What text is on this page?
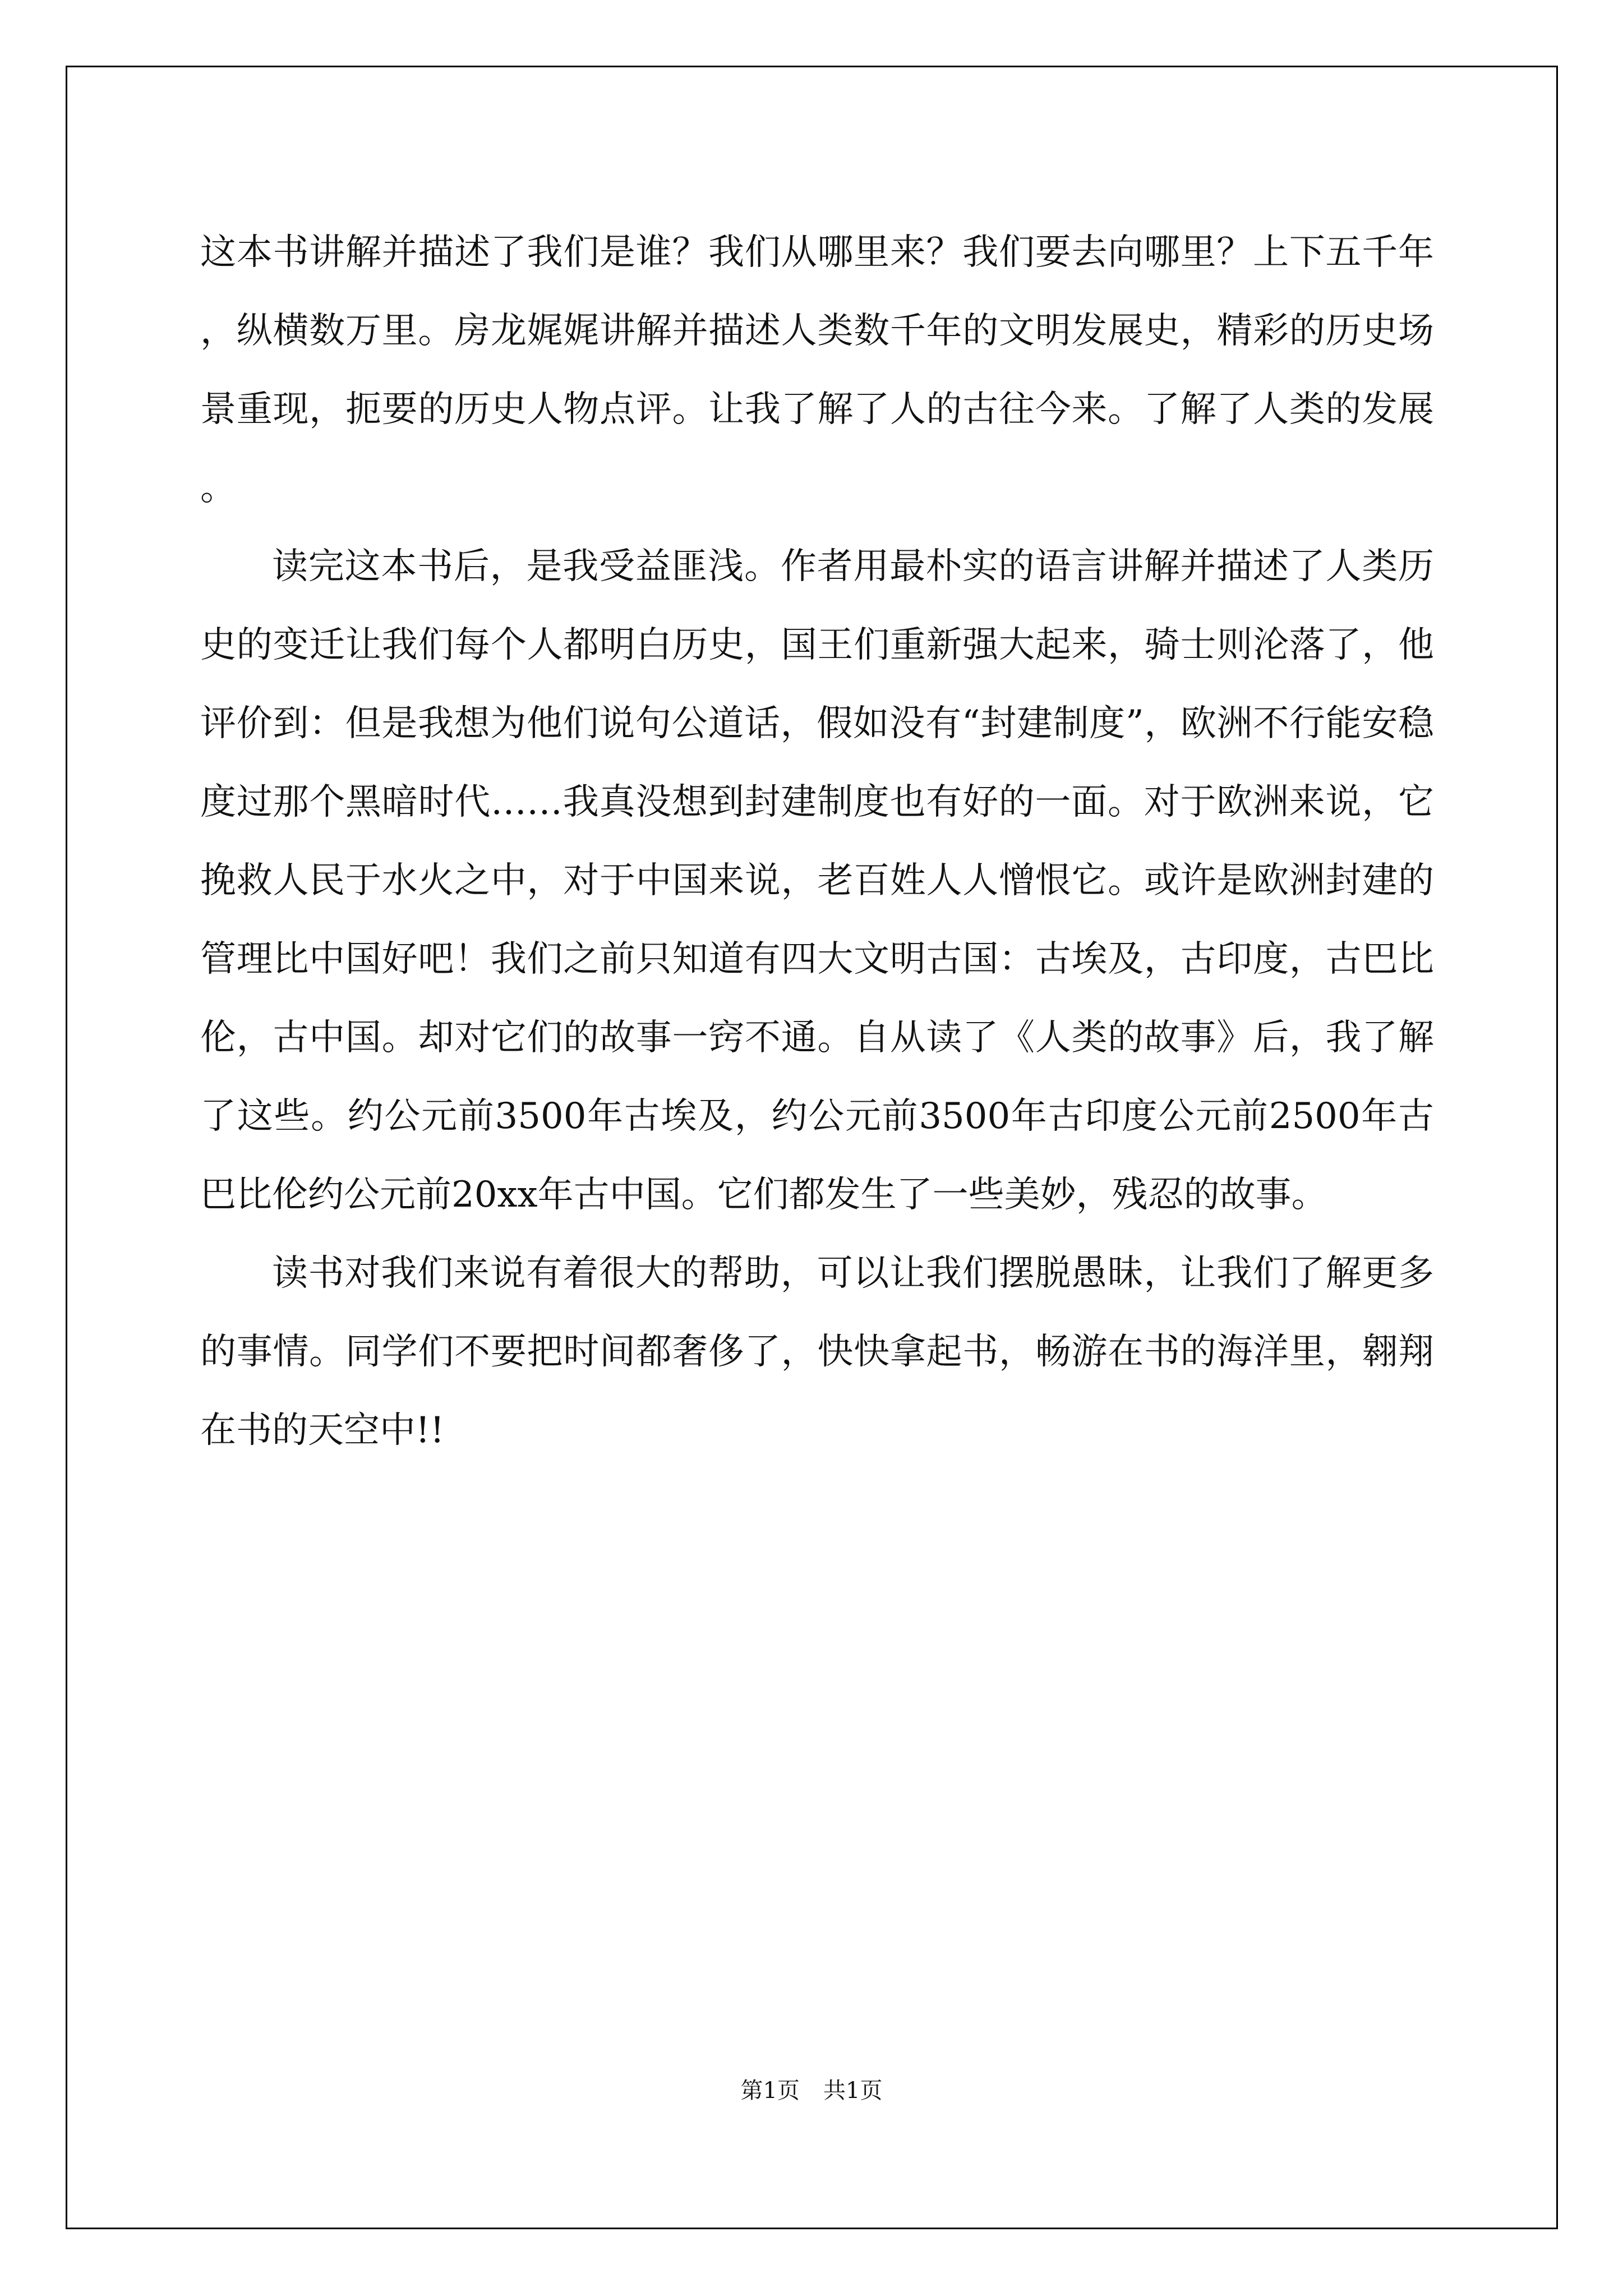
这本书讲解并描述了我们是谁？我们从哪里来？我们要去向哪里？上下五千年，纵横数万里。房龙娓娓讲解并描述人类数千年的文明发展史，精彩的历史场景重现，扼要的历史人物点评。让我了解了人的古往今来。了解了人类的发展。

读完这本书后，是我受益匪浅。作者用最朴实的语言讲解并描述了人类历史的变迁让我们每个人都明白历史，国王们重新强大起来，骑士则沦落了，他评价到：但是我想为他们说句公道话，假如没有“封建制度”，欧洲不行能安稳度过那个黑暗时代……我真没想到封建制度也有好的一面。对于欧洲来说，它挽救人民于水火之中，对于中国来说，老百姓人人憎恨它。或许是欧洲封建的管理比中国好吧！我们之前只知道有四大文明古国：古埃及，古印度，古巴比伦，古中国。却对它们的故事一窍不通。自从读了《人类的故事》后，我了解了这些。约公元前3500年古埃及，约公元前3500年古印度公元前2500年古巴比伦约公元前20xx年古中国。它们都发生了一些美妙，残忍的故事。

读书对我们来说有着很大的帮助，可以让我们摆脱愚昧，让我们了解更多的事情。同学们不要把时间都奢侈了，快快拿起书，畅游在书的海洋里，翱翔在书的天空中!!

第1页 共1页
